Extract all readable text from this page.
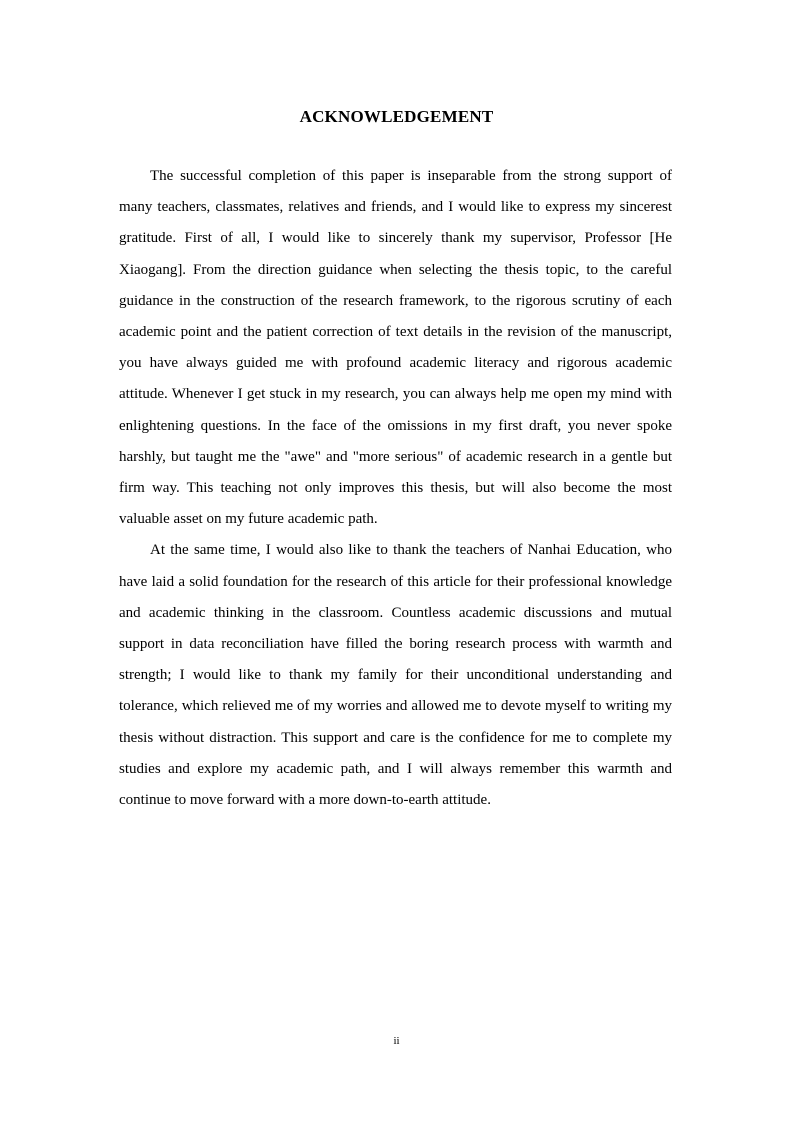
ACKNOWLEDGEMENT

The successful completion of this paper is inseparable from the strong support of many teachers, classmates, relatives and friends, and I would like to express my sincerest gratitude. First of all, I would like to sincerely thank my supervisor, Professor [He Xiaogang]. From the direction guidance when selecting the thesis topic, to the careful guidance in the construction of the research framework, to the rigorous scrutiny of each academic point and the patient correction of text details in the revision of the manuscript, you have always guided me with profound academic literacy and rigorous academic attitude. Whenever I get stuck in my research, you can always help me open my mind with enlightening questions. In the face of the omissions in my first draft, you never spoke harshly, but taught me the "awe" and "more serious" of academic research in a gentle but firm way. This teaching not only improves this thesis, but will also become the most valuable asset on my future academic path.

At the same time, I would also like to thank the teachers of Nanhai Education, who have laid a solid foundation for the research of this article for their professional knowledge and academic thinking in the classroom. Countless academic discussions and mutual support in data reconciliation have filled the boring research process with warmth and strength; I would like to thank my family for their unconditional understanding and tolerance, which relieved me of my worries and allowed me to devote myself to writing my thesis without distraction. This support and care is the confidence for me to complete my studies and explore my academic path, and I will always remember this warmth and continue to move forward with a more down-to-earth attitude.

ii
